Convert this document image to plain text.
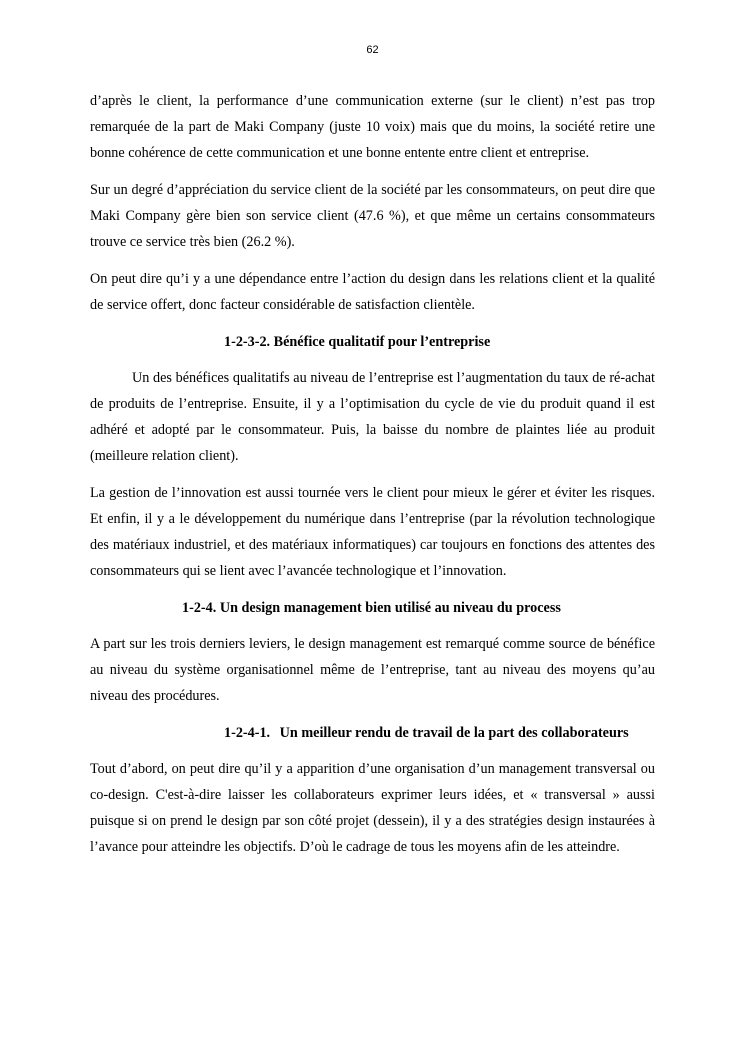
62

d’après le client, la performance d’une communication externe (sur le client) n’est pas trop remarquée de la part de Maki Company (juste 10 voix) mais que du moins, la société retire une bonne cohérence de cette communication et une bonne entente entre client et entreprise.

Sur un degré d’appréciation du service client de la société par les consommateurs, on peut dire que Maki Company gère bien son service client (47.6 %), et que même un certains consommateurs trouve ce service très bien (26.2 %).

On peut dire qu’i y a une dépendance entre l’action du design dans les relations client et la qualité de service offert, donc facteur considérable de satisfaction clientèle.

1-2-3-2. Bénéfice qualitatif pour l’entreprise

Un des bénéfices qualitatifs au niveau de l’entreprise est l’augmentation du taux de ré-achat de produits de l’entreprise. Ensuite, il y a l’optimisation du cycle de vie du produit quand il est adhéré et adopté par le consommateur. Puis, la baisse du nombre de plaintes liée au produit (meilleure relation client).

La gestion de l’innovation est aussi tournée vers le client pour mieux le gérer et éviter les risques. Et enfin, il y a le développement du numérique dans l’entreprise (par la révolution technologique des matériaux industriel, et des matériaux informatiques) car toujours en fonctions des attentes des consommateurs qui se lient avec l’avancée technologique et l’innovation.

1-2-4. Un design management bien utilisé au niveau du process

A part sur les trois derniers leviers, le design management est remarqué comme source de bénéfice au niveau du système organisationnel même de l’entreprise, tant au niveau des moyens qu’au niveau des procédures.

1-2-4-1. Un meilleur rendu de travail de la part des collaborateurs

Tout d’abord, on peut dire qu’il y a apparition d’une organisation d’un management transversal ou co-design. C'est-à-dire laisser les collaborateurs exprimer leurs idées, et « transversal » aussi puisque si on prend le design par son côté projet (dessein), il y a des stratégies design instaurées à l’avance pour atteindre les objectifs. D’où le cadrage de tous les moyens afin de les atteindre.
